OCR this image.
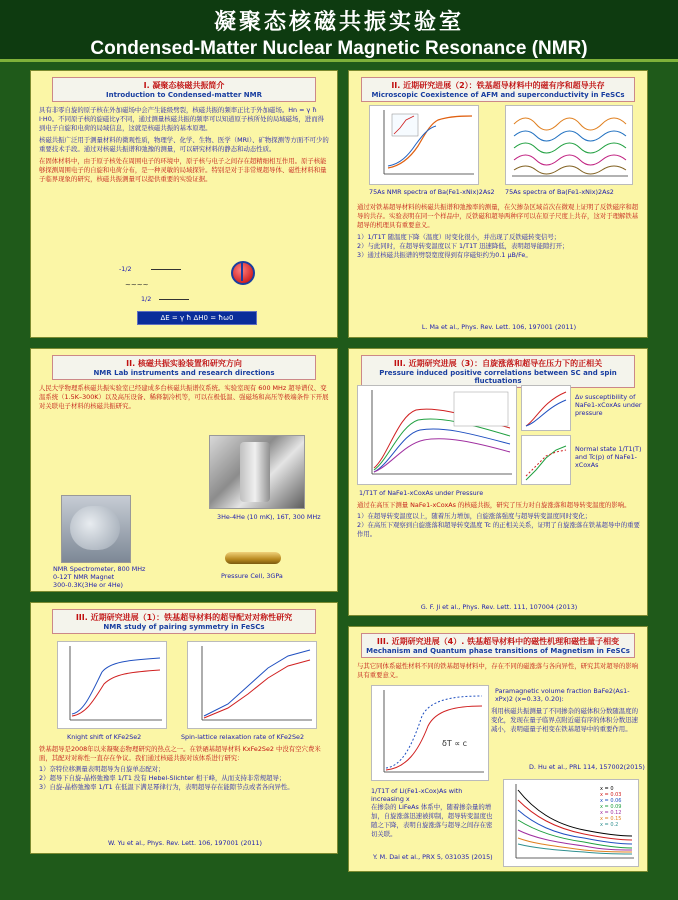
凝聚态核磁共振实验室
Condensed-Matter Nuclear Magnetic Resonance (NMR)
I. 凝聚态核磁共振简介
Introduction to Condensed-matter NMR

具有非零自旋的原子核在外加磁场中会产生能级劈裂，核磁共振的频率正比于外加磁场。Hn = γ ħ I·H0。不同原子核的旋磁比γ不同，通过测量核磁共振的频率可以知道原子核所处的局域磁场，进而得到电子自旋和电荷的局域信息，这就是核磁共振的基本原理。

核磁共振广泛用于测量材料的微观性质，物理学、化学、生物、医学（MRI）、矿物探测等方面不可少的重要技术手段。通过对核磁共振谱和弛豫的测量，可以研究材料的静态和动态性质。

在固体材料中，由于原子核处在周围电子的环境中，原子核与电子之间存在超精细相互作用。原子核能够探测周围电子的自旋和电荷分布，是一种灵敏的局域探针。特别是对于非常规超导体、磁性材料和量子临界现象的研究，核磁共振测量可以提供重要的实验证据。

-1/2
~~~~
1/2
ΔE = γ ħ ΔH0 = ħω0
II. 近期研究进展（2）：铁基超导材料中的磁有序和超导共存
Microscopic Coexistence of AFM and superconductivity in FeSCs
75As NMR spectra of Ba(Fe1-xNix)2As2	75As spectra of Ba(Fe1-xNix)2As2

通过对铁基超导材料的核磁共振谱和弛豫率的测量，在欠掺杂区域首次在微观上证明了反铁磁序和超导的共存。实验表明在同一个样品中，反铁磁和超导两种序可以在原子尺度上共存，这对于理解铁基超导的机理具有重要意义。

1）1/T1T 随温度下降（温度）时变化很小，并出现了反铁磁转变信号；

2）与此同时，在超导转变温度以下 1/T1T 迅速降低，表明超导能隙打开；

3）通过核磁共振谱的劈裂宽度得到有序磁矩约为0.1 μB/Fe。

L. Ma et al., Phys. Rev. Lett. 106, 197001 (2011)
II. 核磁共振实验装置和研究方向
NMR Lab instruments and research directions

人民大学物理系核磁共振实验室已经建成多台核磁共振谱仪系统。实验室现有 600 MHz 超导谱仪、变温系统（1.5K–300K）以及高压设备、稀释制冷机等，可以在极低温、强磁场和高压等极端条件下开展对关联电子材料的核磁共振研究。

3He-4He (10 mK), 16T, 300 MHz
NMR Spectrometer, 800 MHz
0-12T NMR Magnet
300-0.3K(3He or 4He)
Pressure Cell, 3GPa
III. 近期研究进展（3）：自旋涨落和超导在压力下的正相关
Pressure induced positive correlations between SC and spin fluctuations
Δν susceptibility of NaFe1-xCoxAs under pressure
Normal state 1/T1(T) and Tc(p) of NaFe1-xCoxAs
1/T1T of NaFe1-xCoxAs under Pressure

通过在高压下测量 NaFe1-xCoxAs 的核磁共振，研究了压力对自旋涨落和超导转变温度的影响。

1）在超导转变温度以上，随着压力增加，自旋涨落强度与超导转变温度同时变化；

2）在高压下观察到自旋涨落和超导转变温度 Tc 的正相关关系，证明了自旋涨落在铁基超导中的重要作用。

G. F. Ji et al., Phys. Rev. Lett. 111, 107004 (2013)
III. 近期研究进展（1）：铁基超导材料的超导配对对称性研究
NMR study of pairing symmetry in FeSCs
Knight shift of KFe2Se2	Spin-lattice relaxation rate of KFe2Se2

铁基超导是2008年以来凝聚态物理研究的热点之一。在铁硒基超导材料 KxFe2Se2 中没有空穴费米面，其配对对称性一直存在争议。我们通过核磁共振对该体系进行研究：

1）奈特位移测量表明超导为自旋单态配对；

2）超导下自旋-晶格弛豫率 1/T1 没有 Hebel-Slichter 相干峰，从而支持非常规超导；

3）自旋-晶格弛豫率 1/T1 在低温下满足幂律行为，表明超导存在能隙节点或者各向异性。

W. Yu et al., Phys. Rev. Lett. 106, 197001 (2011)
III. 近期研究进展（4）. 铁基超导材料中的磁性机理和磁性量子相变
Mechanism and Quantum phase transitions of Magnetism in FeSCs

与其它同体系磁性材料不同的铁基超导材料中，存在不同的磁涨落与各向异性，研究其对超导的影响具有重要意义。

δT ∝ c
Paramagnetic volume fraction BaFe2(As1-xPx)2 (x=0.33, 0.20):
利用核磁共振测量了不同掺杂的磁体积分数随温度的变化，发现在量子临界点附近磁有序的体积分数迅速减小，表明磁量子相变在铁基超导中的重要作用。
D. Hu et al., PRL 114, 157002(2015)
1/T1T of Li(Fe1-xCox)As with increasing x
在掺杂的 LiFeAs 体系中，随着掺杂量的增加，自旋涨落迅速被抑制，超导转变温度也随之下降，表明自旋涨落与超导之间存在密切关联。
Y. M. Dai et al., PRX 5, 031035 (2015)
x = 0
x = 0.03
x = 0.06
x = 0.09
x = 0.12
x = 0.15
x = 0.2
